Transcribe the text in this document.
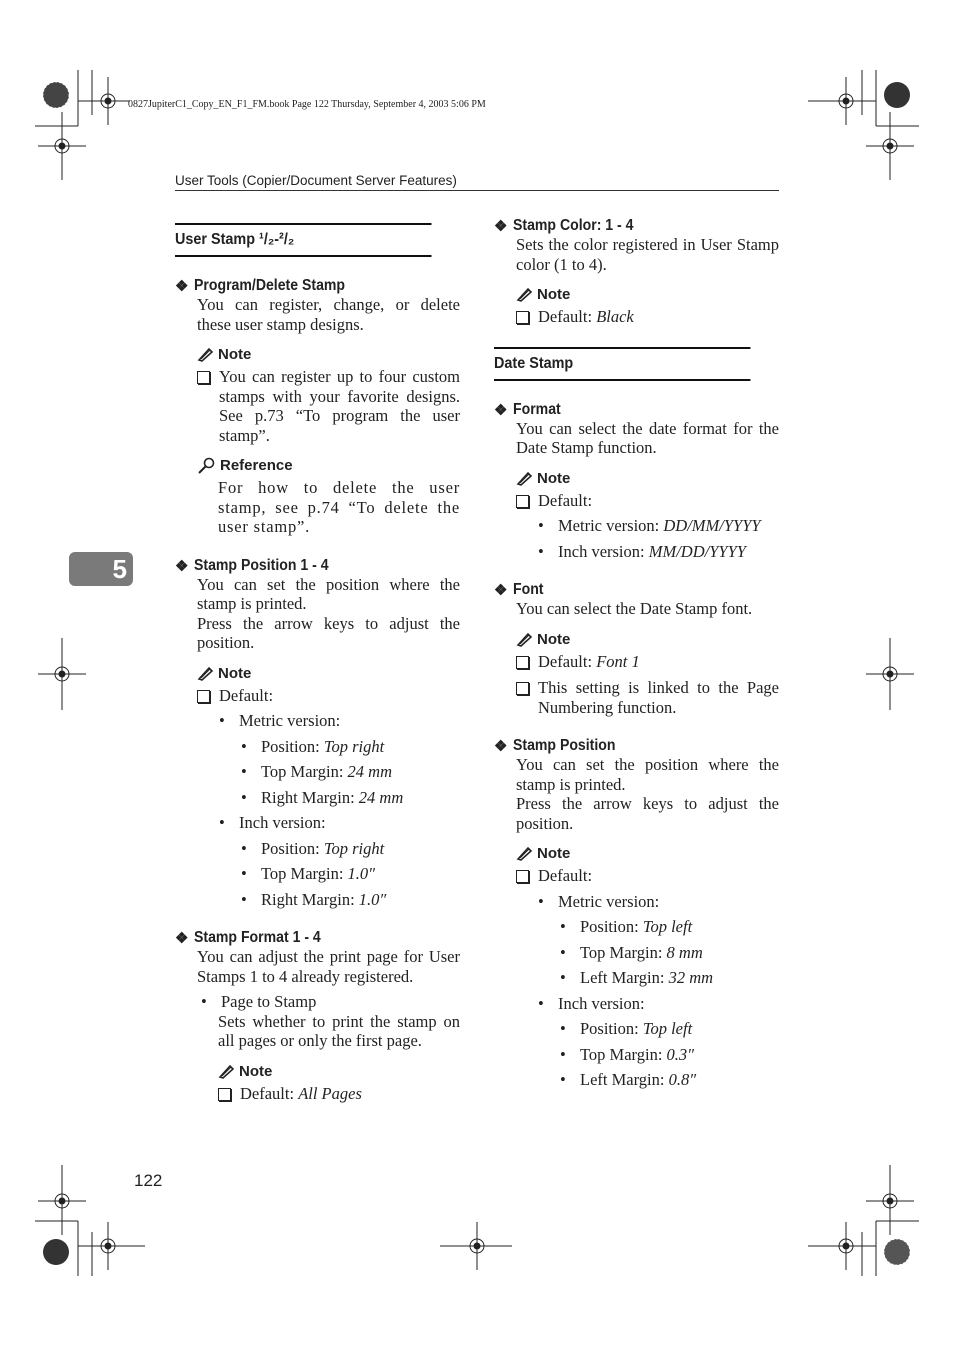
0827JupiterC1_Copy_EN_F1_FM.book Page 122 Thursday, September 4, 2003 5:06 PM
User Tools (Copier/Document Server Features)
5
122
User Stamp ¹/₂-²/₂
❖ Program/Delete Stamp
You can register, change, or delete these user stamp designs.
Note
You can register up to four custom stamps with your favorite designs. See p.73 “To program the user stamp”.
Reference
For how to delete the user stamp, see p.74 “To delete the user stamp”.
❖ Stamp Position 1 - 4
You can set the position where the stamp is printed.
Press the arrow keys to adjust the position.
Note
Default:
• Metric version:
• Position: Top right
• Top Margin: 24 mm
• Right Margin: 24 mm
• Inch version:
• Position: Top right
• Top Margin: 1.0″
• Right Margin: 1.0″
❖ Stamp Format 1 - 4
You can adjust the print page for User Stamps 1 to 4 already registered.
• Page to Stamp
Sets whether to print the stamp on all pages or only the first page.
Note
Default: All Pages
❖ Stamp Color: 1 - 4
Sets the color registered in User Stamp color (1 to 4).
Note
Default: Black
Date Stamp
❖ Format
You can select the date format for the Date Stamp function.
Note
Default:
• Metric version: DD/MM/YYYY
• Inch version: MM/DD/YYYY
❖ Font
You can select the Date Stamp font.
Note
Default: Font 1
This setting is linked to the Page Numbering function.
❖ Stamp Position
You can set the position where the stamp is printed.
Press the arrow keys to adjust the position.
Note
Default:
• Metric version:
• Position: Top left
• Top Margin: 8 mm
• Left Margin: 32 mm
• Inch version:
• Position: Top left
• Top Margin: 0.3″
• Left Margin: 0.8″
